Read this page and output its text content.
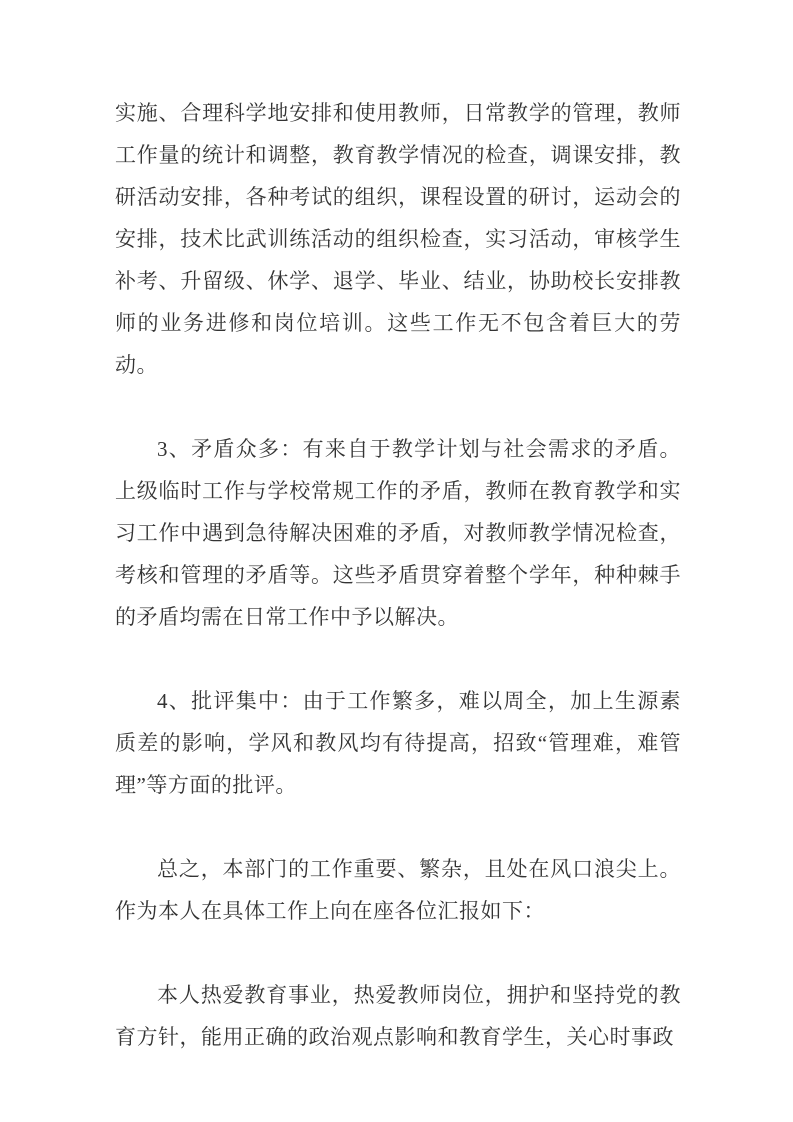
实施、合理科学地安排和使用教师，日常教学的管理，教师工作量的统计和调整，教育教学情况的检查，调课安排，教研活动安排，各种考试的组织，课程设置的研讨，运动会的安排，技术比武训练活动的组织检查，实习活动，审核学生补考、升留级、休学、退学、毕业、结业，协助校长安排教师的业务进修和岗位培训。这些工作无不包含着巨大的劳动。

3、矛盾众多：有来自于教学计划与社会需求的矛盾。上级临时工作与学校常规工作的矛盾，教师在教育教学和实习工作中遇到急待解决困难的矛盾，对教师教学情况检查，考核和管理的矛盾等。这些矛盾贯穿着整个学年，种种棘手的矛盾均需在日常工作中予以解决。

4、批评集中：由于工作繁多，难以周全，加上生源素质差的影响，学风和教风均有待提高，招致“管理难，难管理”等方面的批评。

总之，本部门的工作重要、繁杂，且处在风口浪尖上。作为本人在具体工作上向在座各位汇报如下：

本人热爱教育事业，热爱教师岗位，拥护和坚持党的教育方针，能用正确的政治观点影响和教育学生，关心时事政
